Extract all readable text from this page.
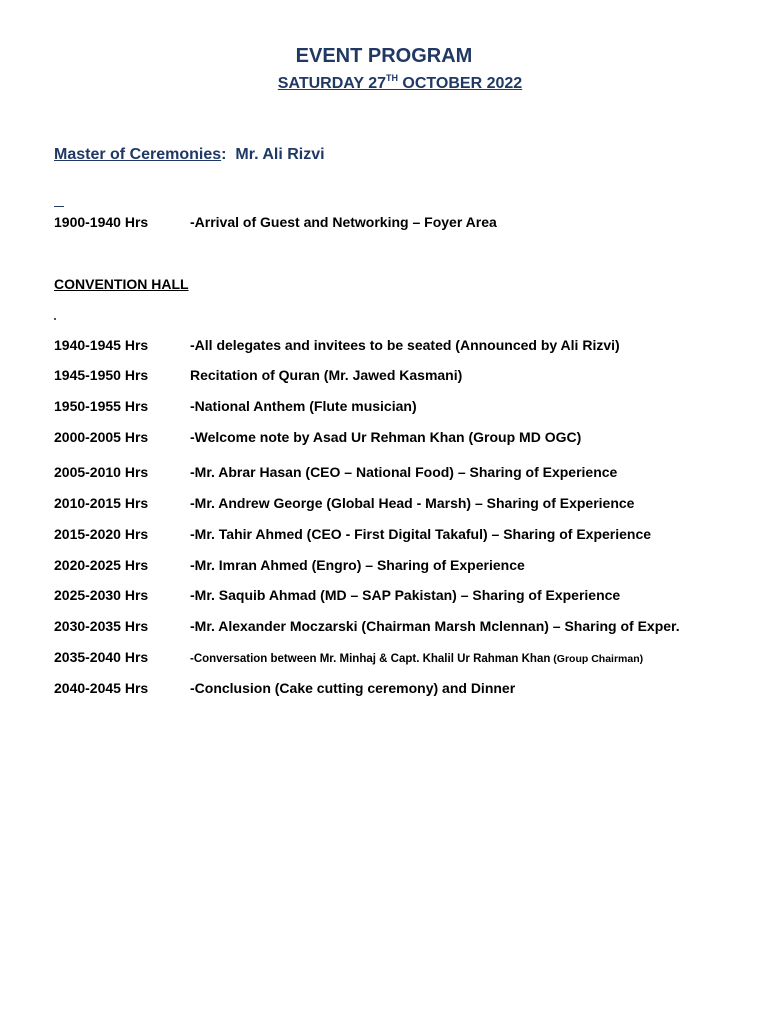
EVENT PROGRAM
SATURDAY 27TH OCTOBER 2022
Master of Ceremonies:  Mr. Ali Rizvi
1900-1940 Hrs	-Arrival of Guest and Networking – Foyer Area
CONVENTION HALL
1940-1945 Hrs	-All delegates and invitees to be seated (Announced by Ali Rizvi)
1945-1950 Hrs	Recitation of Quran (Mr. Jawed Kasmani)
1950-1955 Hrs	-National Anthem (Flute musician)
2000-2005 Hrs	-Welcome note by Asad Ur Rehman Khan (Group MD OGC)
2005-2010 Hrs	-Mr. Abrar Hasan (CEO – National Food) – Sharing of Experience
2010-2015 Hrs	-Mr. Andrew George (Global Head - Marsh) – Sharing of Experience
2015-2020 Hrs	-Mr. Tahir Ahmed (CEO - First Digital Takaful) – Sharing of Experience
2020-2025 Hrs	-Mr. Imran Ahmed (Engro) – Sharing of Experience
2025-2030 Hrs	-Mr. Saquib Ahmad (MD – SAP Pakistan) – Sharing of Experience
2030-2035 Hrs	-Mr. Alexander Moczarski (Chairman Marsh Mclennan) – Sharing of Exper.
2035-2040 Hrs	-Conversation between Mr. Minhaj & Capt. Khalil Ur Rahman Khan (Group Chairman)
2040-2045 Hrs	-Conclusion (Cake cutting ceremony) and Dinner
